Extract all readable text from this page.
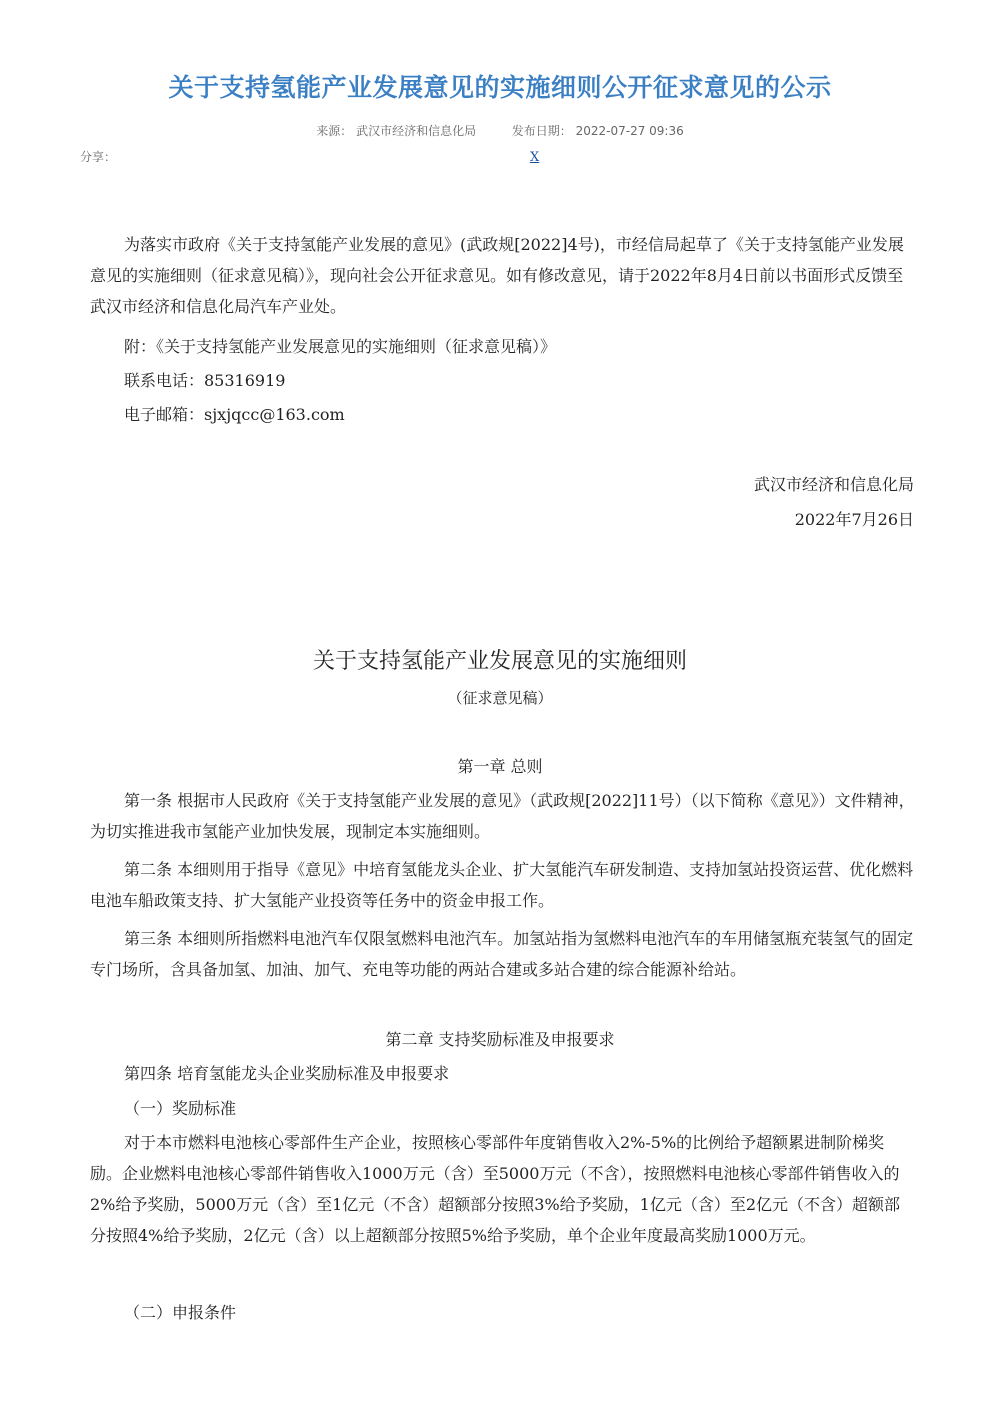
关于支持氢能产业发展意见的实施细则公开征求意见的公示
来源： 武汉市经济和信息化局	发布日期： 2022-07-27 09:36
分享：	X

为落实市政府《关于支持氢能产业发展的意见》(武政规[2022]4号)，市经信局起草了《关于支持氢能产业发展意见的实施细则（征求意见稿）》，现向社会公开征求意见。如有修改意见，请于2022年8月4日前以书面形式反馈至武汉市经济和信息化局汽车产业处。

附：《关于支持氢能产业发展意见的实施细则（征求意见稿）》

联系电话：85316919

电子邮箱：sjxjqcc@163.com

武汉市经济和信息化局
2022年7月26日
关于支持氢能产业发展意见的实施细则
（征求意见稿）
第一章 总则

第一条 根据市人民政府《关于支持氢能产业发展的意见》（武政规[2022]11号）（以下简称《意见》）文件精神，为切实推进我市氢能产业加快发展，现制定本实施细则。

第二条 本细则用于指导《意见》中培育氢能龙头企业、扩大氢能汽车研发制造、支持加氢站投资运营、优化燃料电池车船政策支持、扩大氢能产业投资等任务中的资金申报工作。

第三条 本细则所指燃料电池汽车仅限氢燃料电池汽车。加氢站指为氢燃料电池汽车的车用储氢瓶充装氢气的固定专门场所，含具备加氢、加油、加气、充电等功能的两站合建或多站合建的综合能源补给站。

第二章 支持奖励标准及申报要求

第四条 培育氢能龙头企业奖励标准及申报要求

（一）奖励标准

对于本市燃料电池核心零部件生产企业，按照核心零部件年度销售收入2%-5%的比例给予超额累进制阶梯奖励。企业燃料电池核心零部件销售收入1000万元（含）至5000万元（不含），按照燃料电池核心零部件销售收入的2%给予奖励，5000万元（含）至1亿元（不含）超额部分按照3%给予奖励，1亿元（含）至2亿元（不含）超额部分按照4%给予奖励，2亿元（含）以上超额部分按照5%给予奖励，单个企业年度最高奖励1000万元。

（二）申报条件
